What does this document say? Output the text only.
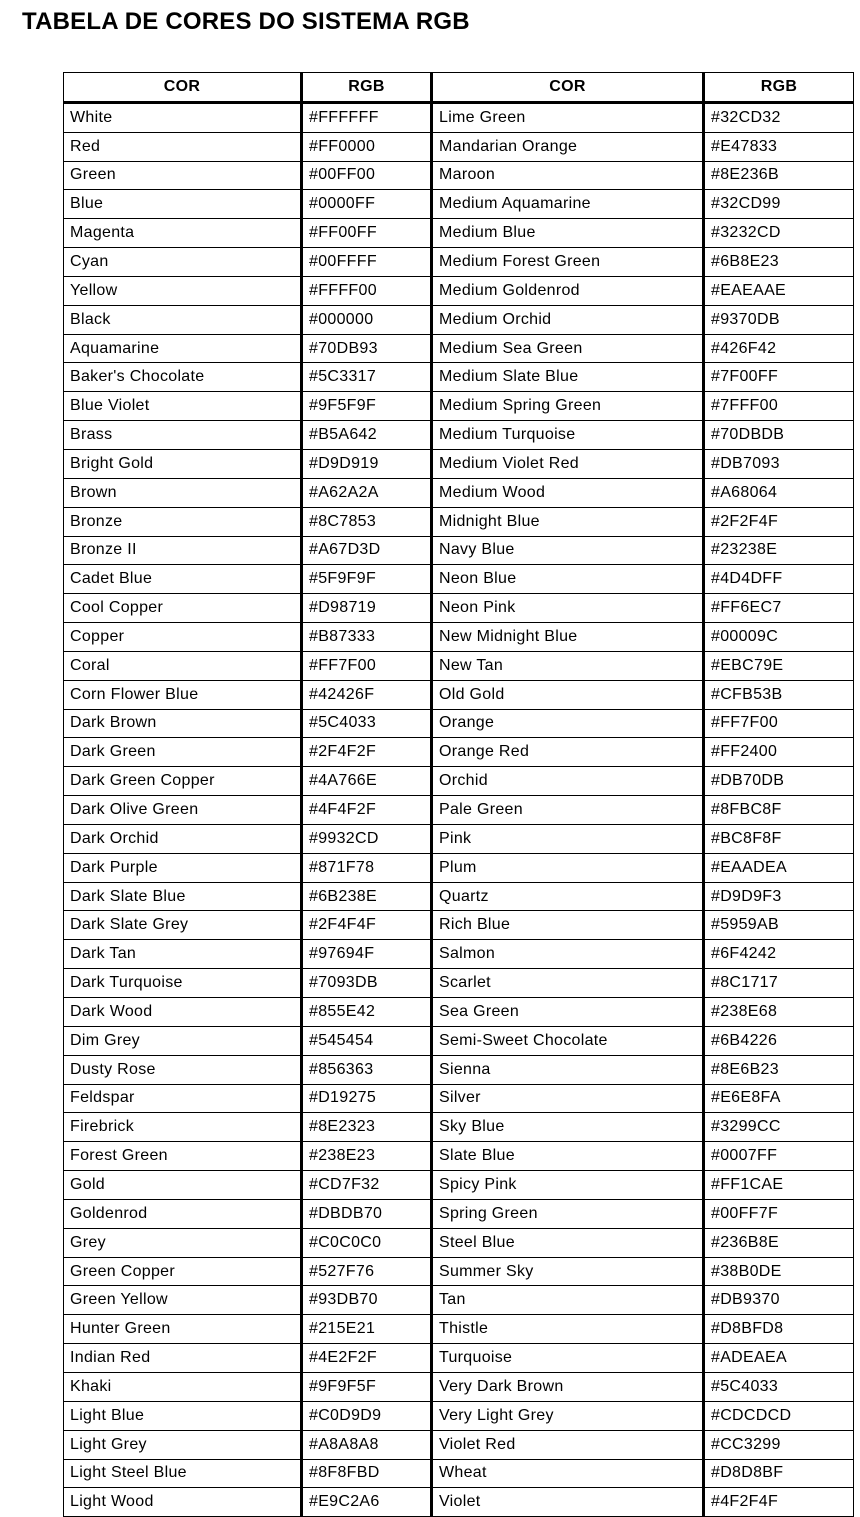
TABELA DE CORES DO SISTEMA RGB
COR	RGB	COR	RGB
White	#FFFFFF	Lime Green	#32CD32
Red	#FF0000	Mandarian Orange	#E47833
Green	#00FF00	Maroon	#8E236B
Blue	#0000FF	Medium Aquamarine	#32CD99
Magenta	#FF00FF	Medium Blue	#3232CD
Cyan	#00FFFF	Medium Forest Green	#6B8E23
Yellow	#FFFF00	Medium Goldenrod	#EAEAAE
Black	#000000	Medium Orchid	#9370DB
Aquamarine	#70DB93	Medium Sea Green	#426F42
Baker's Chocolate	#5C3317	Medium Slate Blue	#7F00FF
Blue Violet	#9F5F9F	Medium Spring Green	#7FFF00
Brass	#B5A642	Medium Turquoise	#70DBDB
Bright Gold	#D9D919	Medium Violet Red	#DB7093
Brown	#A62A2A	Medium Wood	#A68064
Bronze	#8C7853	Midnight Blue	#2F2F4F
Bronze II	#A67D3D	Navy Blue	#23238E
Cadet Blue	#5F9F9F	Neon Blue	#4D4DFF
Cool Copper	#D98719	Neon Pink	#FF6EC7
Copper	#B87333	New Midnight Blue	#00009C
Coral	#FF7F00	New Tan	#EBC79E
Corn Flower Blue	#42426F	Old Gold	#CFB53B
Dark Brown	#5C4033	Orange	#FF7F00
Dark Green	#2F4F2F	Orange Red	#FF2400
Dark Green Copper	#4A766E	Orchid	#DB70DB
Dark Olive Green	#4F4F2F	Pale Green	#8FBC8F
Dark Orchid	#9932CD	Pink	#BC8F8F
Dark Purple	#871F78	Plum	#EAADEA
Dark Slate Blue	#6B238E	Quartz	#D9D9F3
Dark Slate Grey	#2F4F4F	Rich Blue	#5959AB
Dark Tan	#97694F	Salmon	#6F4242
Dark Turquoise	#7093DB	Scarlet	#8C1717
Dark Wood	#855E42	Sea Green	#238E68
Dim Grey	#545454	Semi-Sweet Chocolate	#6B4226
Dusty Rose	#856363	Sienna	#8E6B23
Feldspar	#D19275	Silver	#E6E8FA
Firebrick	#8E2323	Sky Blue	#3299CC
Forest Green	#238E23	Slate Blue	#0007FF
Gold	#CD7F32	Spicy Pink	#FF1CAE
Goldenrod	#DBDB70	Spring Green	#00FF7F
Grey	#C0C0C0	Steel Blue	#236B8E
Green Copper	#527F76	Summer Sky	#38B0DE
Green Yellow	#93DB70	Tan	#DB9370
Hunter Green	#215E21	Thistle	#D8BFD8
Indian Red	#4E2F2F	Turquoise	#ADEAEA
Khaki	#9F9F5F	Very Dark Brown	#5C4033
Light Blue	#C0D9D9	Very Light Grey	#CDCDCD
Light Grey	#A8A8A8	Violet Red	#CC3299
Light Steel Blue	#8F8FBD	Wheat	#D8D8BF
Light Wood	#E9C2A6	Violet	#4F2F4F
